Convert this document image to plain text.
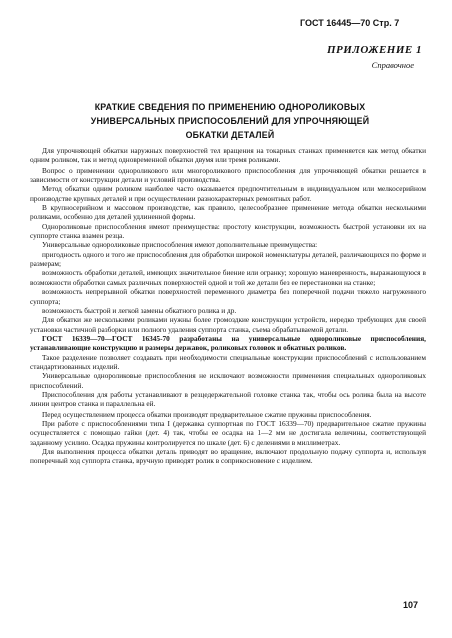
ГОСТ 16445—70 Стр. 7
ПРИЛОЖЕНИЕ 1
Справочное
КРАТКИЕ СВЕДЕНИЯ ПО ПРИМЕНЕНИЮ ОДНОРОЛИКОВЫХ
УНИВЕРСАЛЬНЫХ ПРИСПОСОБЛЕНИЙ ДЛЯ УПРОЧНЯЮЩЕЙ
ОБКАТКИ ДЕТАЛЕЙ

Для упрочняющей обкатки наружных поверхностей тел вращения на токарных станках применяется как метод обкатки одним роликом, так и метод одновременной обкатки двумя или тремя роликами.

Вопрос о применении однороликового или многороликового приспособления для упрочняющей обкатки решается в зависимости от конструкции детали и условий производства.

Метод обкатки одним роликом наиболее часто оказывается предпочтительным в индивидуальном или мелкосерийном производстве крупных деталей и при осуществлении разнохарактерных ремонтных работ.

В крупносерийном и массовом производстве, как правило, целесообразнее применение метода обкатки несколькими роликами, особенно для деталей удлиненной формы.

Однороликовые приспособления имеют преимущества: простоту конструкции, возможность быстрой установки их на суппорте станка взамен резца.

Универсальные однороликовые приспособления имеют дополнительные преимущества:

пригодность одного и того же приспособления для обработки широкой номенклатуры деталей, различающихся по форме и размерам;

возможность обработки деталей, имеющих значительное биение или огранку; хорошую маневренность, выражающуюся в возможности обработки самых различных поверхностей одной и той же детали без ее перестановки на станке;

возможность непрерывной обкатки поверхностей переменного диаметра без поперечной подачи тяжело нагруженного суппорта;

возможность быстрой и легкой замены обкатного ролика и др.

Для обкатки же несколькими роликами нужны более громоздкие конструкции устройств, нередко требующих для своей установки частичной разборки или полного удаления суппорта станка, съема обрабатываемой детали.

ГОСТ 16339—70—ГОСТ 16345-70 разработаны на универсальные однороликовые приспособления, устанавливающие конструкцию и размеры державок, роликовых головок и обкатных роликов.

Такое разделение позволяет создавать при необходимости специальные конструкции приспособлений с использованием стандартизованных изделий.

Универсальные однороликовые приспособления не исключают возможности применения специальных однороликовых приспособлений.

Приспособления для работы устанавливают в резцедержательной головке станка так, чтобы ось ролика была на высоте линии центров станка и параллельна ей.

Перед осуществлением процесса обкатки производят предварительное сжатие пружины приспособления.

При работе с приспособлениями типа I (державка суппортная по ГОСТ 16339—70) предварительное сжатие пружины осуществляется с помощью гайки (дет. 4) так, чтобы ее осадка на 1—2 мм не достигала величины, соответствующей заданному усилию. Осадка пружины контролируется по шкале (дет. 6) с делениями в миллиметрах.

Для выполнения процесса обкатки деталь приводят во вращение, включают продольную подачу суппорта и, используя поперечный ход суппорта станка, вручную приводят ролик в соприкосновение с изделием.

107
